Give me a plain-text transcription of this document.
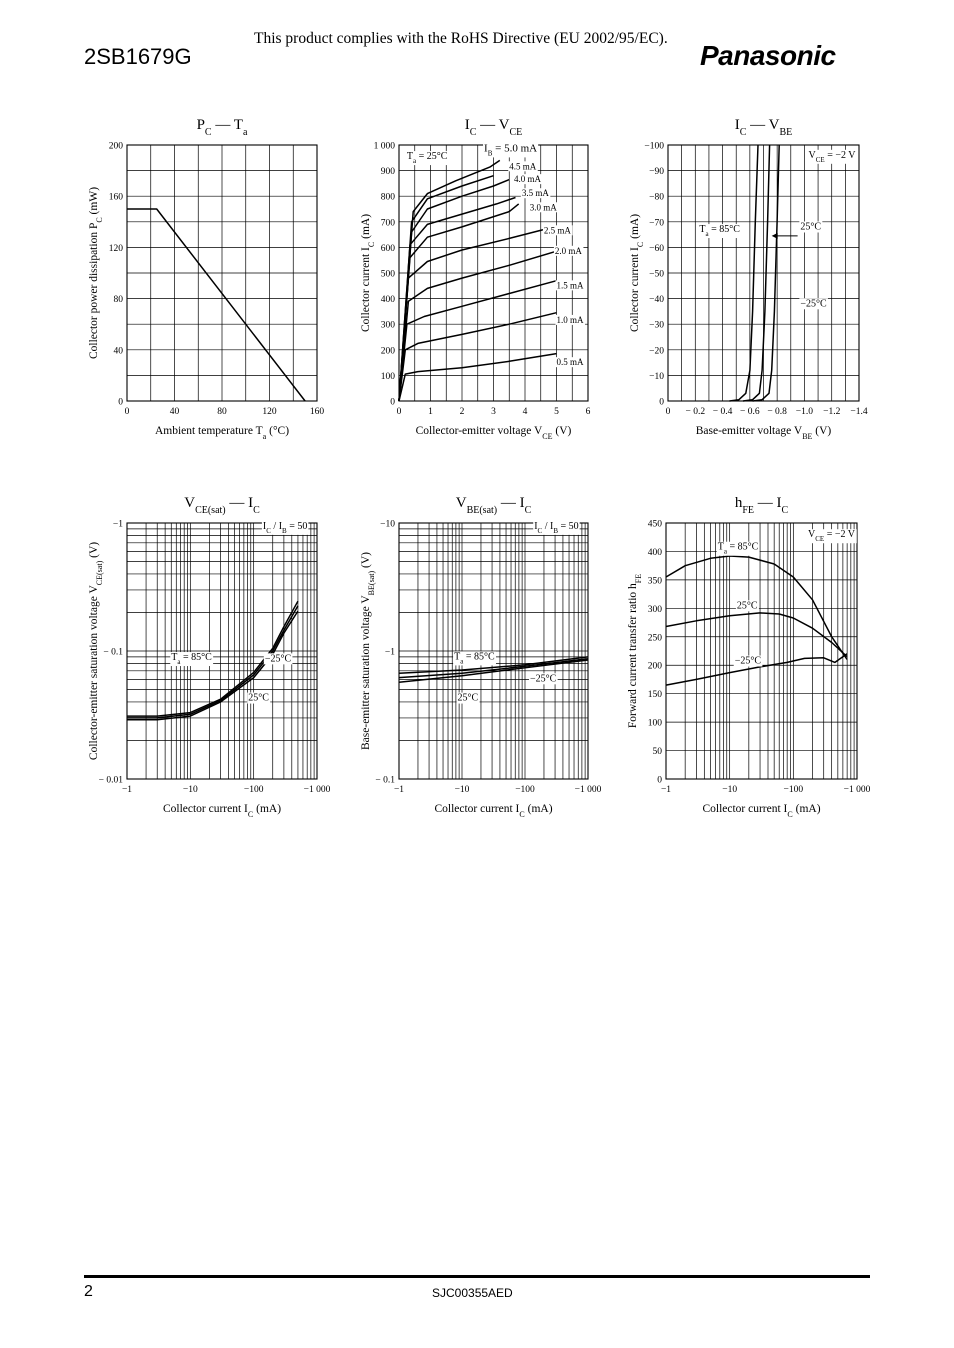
2SB1679G
This product complies with the RoHS Directive (EU 2002/95/EC).
Panasonic
0	40	80	120	160
0
40
80
120
160
200
$P_C$ — $T_a$
Ambient temperature $T_a$ (°C)
Collector power dissipation $P_C$ (mW)
0	1	2	3	4	5	6
0
100
200
300
400
500
600
700
800
900
1 000
$T_a = 25^\circ C$
$I_B = 5.0$ mA
4.5 mA
4.0 mA
3.5 mA
3.0 mA
2.5 mA
2.0 mA
1.5 mA
1.0 mA
0.5 mA
$I_C$ — $V_{CE}$
Collector-emitter voltage $V_{CE}$ (V)
Collector current $I_C$ (mA)
0 − 0.2 − 0.4 − 0.6 − 0.8 −1.0 −1.2 −1.4
0
−10
−20
−30
−40
−50
−60
−70
−80
−90
−100
$V_{CE} = -2$ V
$T_a = 85^\circ C$
−25°C
25°C
$I_C$ — $V_{BE}$
Base-emitter voltage $V_{BE}$ (V)
Collector current $I_C$ (mA)
−1	−10	−100	−1 000
− 0.01
− 0.1
−1	$I_C / I_B = 50$
$T_a = 85^\circ C$	−25°C
25°C
$V_{CE(sat)}$ — $I_C$
Collector current $I_C$ (mA)
Collector-emitter saturation voltage $V_{CE(sat)}$ (V)
−1	−10	−100	−1 000
− 0.1
−1
−10	$I_C / I_B = 50$
$T_a = 85^\circ C$
−25°C
25°C
$V_{BE(sat)}$ — $I_C$
Collector current $I_C$ (mA)
Base-emitter saturation voltage $V_{BE(sat)}$ (V)
−1	−10	−100	−1 000
0
50
100
150
200
250
300
350
400
450
$V_{CE} = -2$ V
$T_a = 85^\circ C$
25°C
−25°C
$h_{FE}$ — $I_C$
Collector current $I_C$ (mA)
Forward current transfer ratio $h_{FE}$
2	SJC00355AED
